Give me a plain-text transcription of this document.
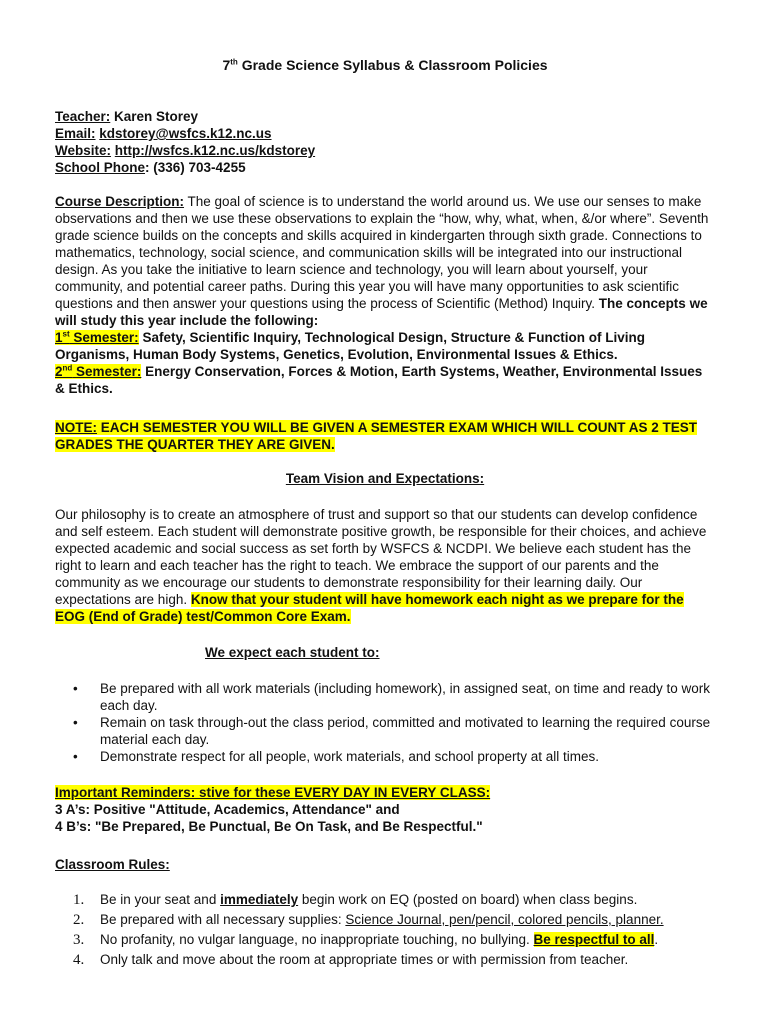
7th Grade Science Syllabus & Classroom Policies
Teacher: Karen Storey
Email: kdstorey@wsfcs.k12.nc.us
Website: http://wsfcs.k12.nc.us/kdstorey
School Phone: (336) 703-4255
Course Description: The goal of science is to understand the world around us. We use our senses to make observations and then we use these observations to explain the “how, why, what, when, &/or where”. Seventh grade science builds on the concepts and skills acquired in kindergarten through sixth grade. Connections to mathematics, technology, social science, and communication skills will be integrated into our instructional design. As you take the initiative to learn science and technology, you will learn about yourself, your community, and potential career paths. During this year you will have many opportunities to ask scientific questions and then answer your questions using the process of Scientific (Method) Inquiry. The concepts we will study this year include the following:
1st Semester: Safety, Scientific Inquiry, Technological Design, Structure & Function of Living Organisms, Human Body Systems, Genetics, Evolution, Environmental Issues & Ethics.
2nd Semester: Energy Conservation, Forces & Motion, Earth Systems, Weather, Environmental Issues & Ethics.
NOTE: EACH SEMESTER YOU WILL BE GIVEN A SEMESTER EXAM WHICH WILL COUNT AS 2 TEST GRADES THE QUARTER THEY ARE GIVEN.
Team Vision and Expectations:
Our philosophy is to create an atmosphere of trust and support so that our students can develop confidence and self esteem. Each student will demonstrate positive growth, be responsible for their choices, and achieve expected academic and social success as set forth by WSFCS & NCDPI. We believe each student has the right to learn and each teacher has the right to teach. We embrace the support of our parents and the community as we encourage our students to demonstrate responsibility for their learning daily. Our expectations are high. Know that your student will have homework each night as we prepare for the EOG (End of Grade) test/Common Core Exam.
We expect each student to:
• Be prepared with all work materials (including homework), in assigned seat, on time and ready to work each day.
• Remain on task through-out the class period, committed and motivated to learning the required course material each day.
• Demonstrate respect for all people, work materials, and school property at all times.
Important Reminders: stive for these EVERY DAY IN EVERY CLASS:
3 A’s: Positive "Attitude, Academics, Attendance" and
4 B’s: "Be Prepared, Be Punctual, Be On Task, and Be Respectful."
Classroom Rules:
1. Be in your seat and immediately begin work on EQ (posted on board) when class begins.
2. Be prepared with all necessary supplies: Science Journal, pen/pencil, colored pencils, planner.
3. No profanity, no vulgar language, no inappropriate touching, no bullying. Be respectful to all.
4. Only talk and move about the room at appropriate times or with permission from teacher.
